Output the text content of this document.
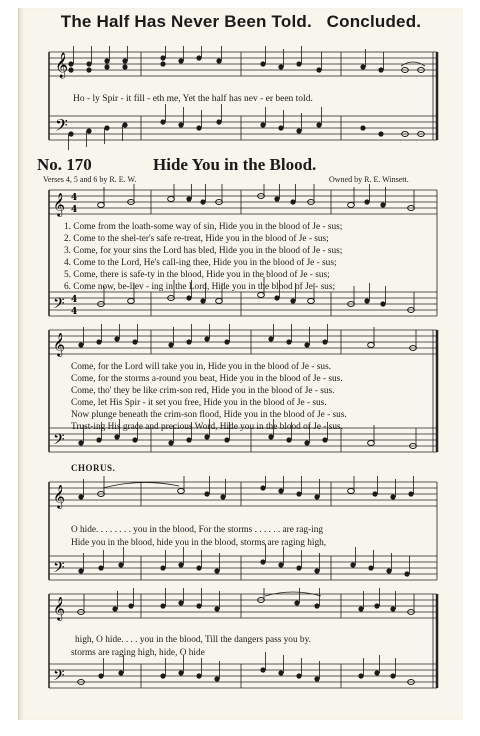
The Half Has Never Been Told. Concluded.
𝄞
𝄢
Ho - ly Spir - it fill - eth me, Yet the half has nev - er been told.
No. 170	Hide You in the Blood.
Verses 4, 5 and 6 by R. E. W.	Owned by R. E. Winsett.
𝄞
𝄢
4
4
4
4
1. Come from the loath-some way of sin, Hide you in the blood of Je - sus;
2. Come to the shel-ter's safe re-treat, Hide you in the blood of Je - sus;
3. Come, for your sins the Lord has bled, Hide you in the blood of Je - sus;
4. Come to the Lord, He's call-ing thee, Hide you in the blood of Je - sus;
5. Come, there is safe-ty in the blood, Hide you in the blood of Je - sus;
6. Come now, be-liev - ing in the Lord, Hide you in the blood of Je - sus;
𝄞
𝄢
Come, for the Lord will take you in, Hide you in the blood of Je - sus.
Come, for the storms a-round you beat, Hide you in the blood of Je - sus.
Come, tho' they be like crim-son red, Hide you in the blood of Je - sus.
Come, let His Spir - it set you free, Hide you in the blood of Je - sus.
Now plunge beneath the crim-son flood, Hide you in the blood of Je - sus.
Trust-ing His grace and precious Word, Hide you in the blood of Je - sus.
CHORUS.
𝄞
𝄢
O hide. . . . . . . . you in the blood, For the storms . . . . . . are rag-ing
Hide you in the blood, hide you in the blood, storms are raging high,
𝄞
𝄢
high, O hide. . . . you in the blood, Till the dangers pass you by.
storms are raging high, hide, O hide
